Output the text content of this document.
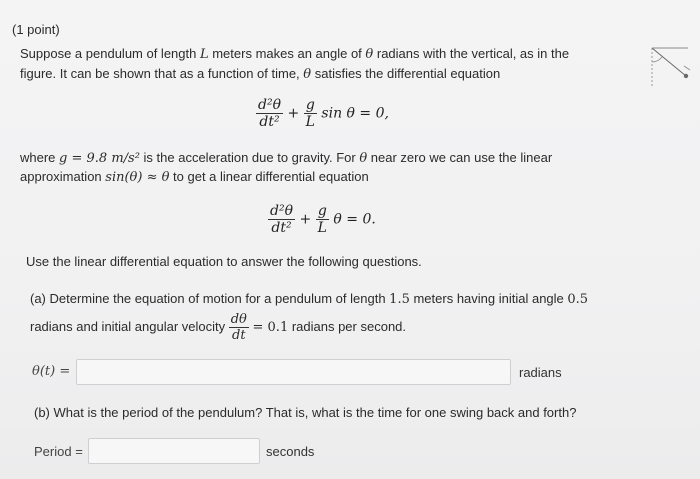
(1 point)
Suppose a pendulum of length L meters makes an angle of θ radians with the vertical, as in the
figure. It can be shown that as a function of time, θ satisfies the differential equation
$\frac{\text{d²θ}}{\text{dt²}} + \frac{g}{L}$ sin θ = 0,
where g = 9.8 m/s² is the acceleration due to gravity. For θ near zero we can use the linear
approximation sin(θ) ≈ θ to get a linear differential equation
$\frac{\text{d²θ}}{\text{dt²}} + \frac{g}{L}$ θ = 0.
Use the linear differential equation to answer the following questions.
(a) Determine the equation of motion for a pendulum of length 1.5 meters having initial angle 0.5
radians and initial angular velocity $\frac{d\theta}{dt} = 0.1$ radians per second.
θ(t) =	radians
(b) What is the period of the pendulum? That is, what is the time for one swing back and forth?
Period =	seconds
